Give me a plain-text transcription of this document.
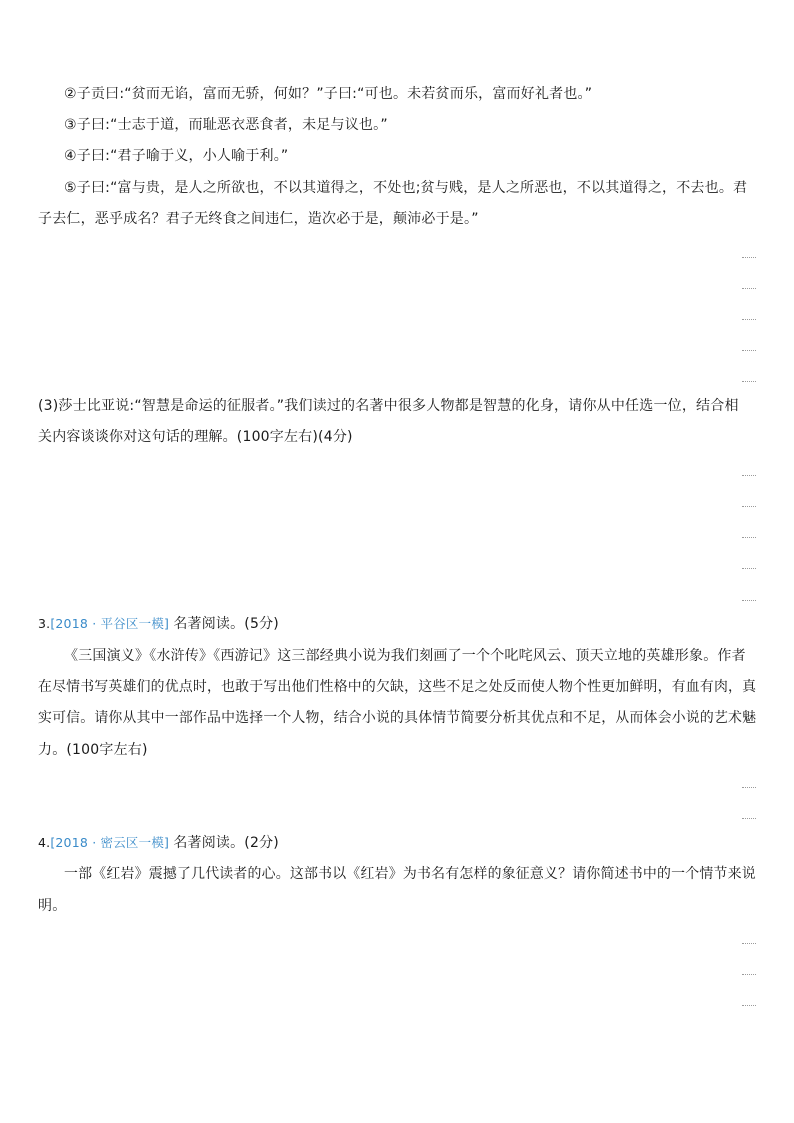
②子贡曰:“贫而无谄，富而无骄，何如？”子曰:“可也。未若贫而乐，富而好礼者也。”
③子曰:“士志于道，而耻恶衣恶食者，未足与议也。”
④子曰:“君子喻于义，小人喻于利。”
⑤子曰:“富与贵，是人之所欲也，不以其道得之，不处也;贫与贱，是人之所恶也，不以其道得之，不去也。君
子去仁，恶乎成名？君子无终食之间违仁，造次必于是，颠沛必于是。”
(3)莎士比亚说:“智慧是命运的征服者。”我们读过的名著中很多人物都是智慧的化身，请你从中任选一位，结合相
关内容谈谈你对这句话的理解。(100字左右)(4分)
3.[2018 · 平谷区一模] 名著阅读。(5分)
《三国演义》《水浒传》《西游记》这三部经典小说为我们刻画了一个个叱咤风云、顶天立地的英雄形象。作者
在尽情书写英雄们的优点时，也敢于写出他们性格中的欠缺，这些不足之处反而使人物个性更加鲜明，有血有肉，真
实可信。请你从其中一部作品中选择一个人物，结合小说的具体情节简要分析其优点和不足，从而体会小说的艺术魅
力。(100字左右)
4.[2018 · 密云区一模] 名著阅读。(2分)
一部《红岩》震撼了几代读者的心。这部书以《红岩》为书名有怎样的象征意义？请你简述书中的一个情节来说
明。
